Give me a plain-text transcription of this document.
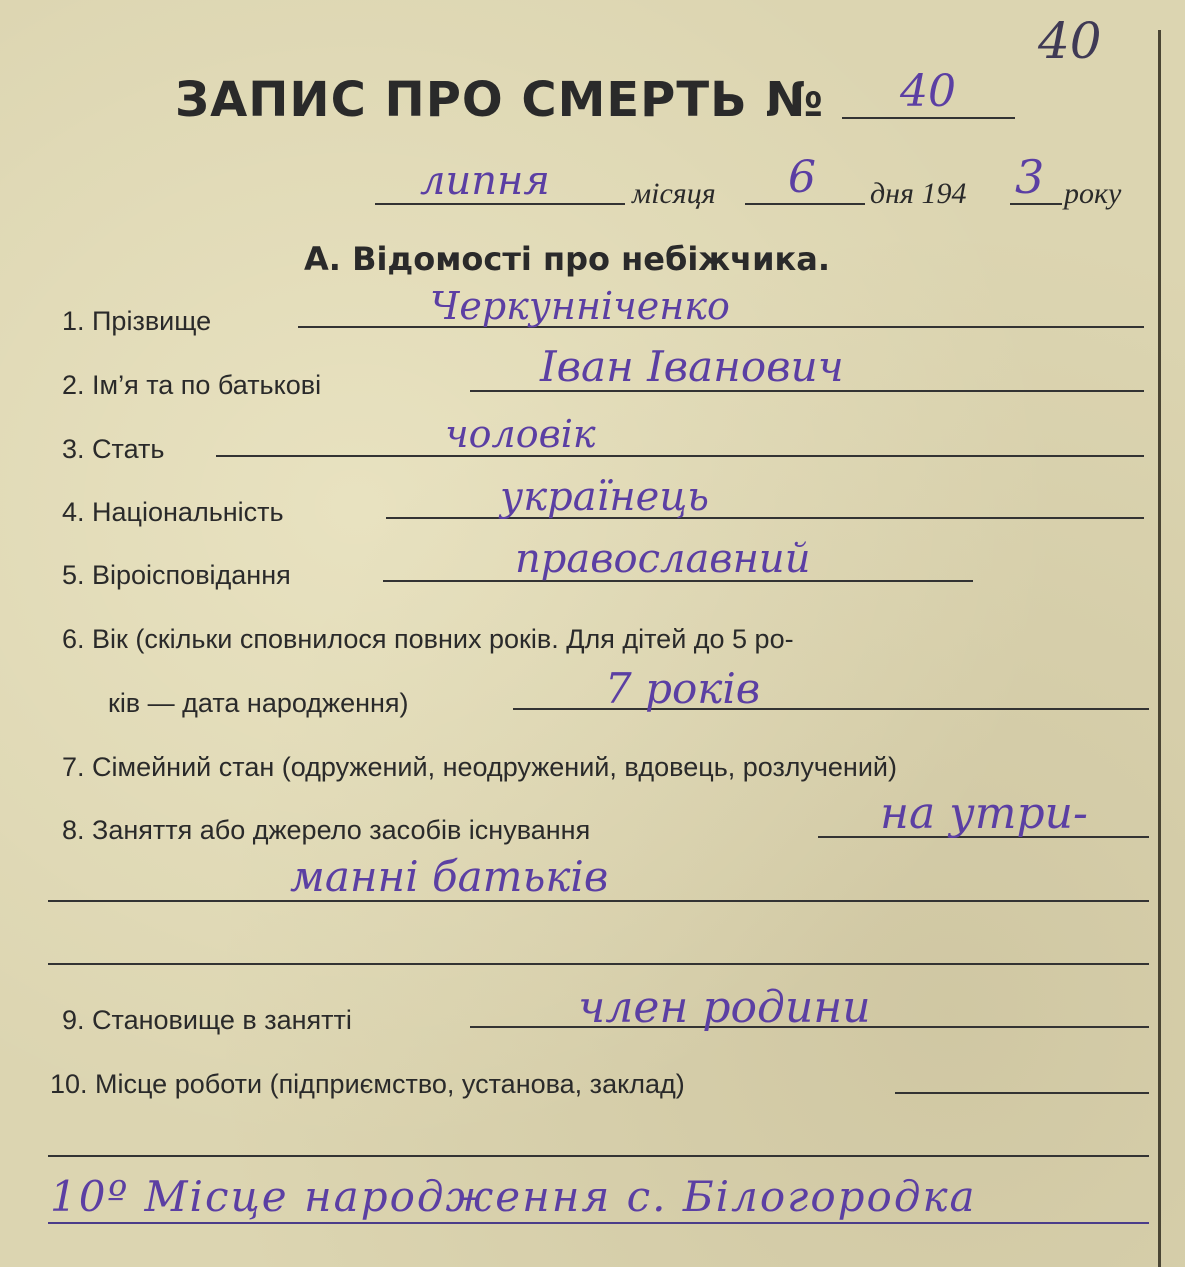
40
ЗАПИС ПРО СМЕРТЬ № 40
липня	місяця 6 дня 194 3 року
А. Відомості про небіжчика.
1. Прізвище	Черкунніченко
2. Ім’я та по батькові	Іван Іванович
3. Стать	чоловік
4. Національність	українець
5. Віроісповідання	православний
6. Вік (скільки сповнилося повних років. Для дітей до 5 ро-
ків — дата народження)	7 років
7. Сімейний стан (одружений, неодружений, вдовець, розлучений)
8. Заняття або джерело засобів існування	на утри-
манні батьків
9. Становище в занятті	член родини
10. Місце роботи (підприємство, установа, заклад)
10º Місце народження с. Білогородка
